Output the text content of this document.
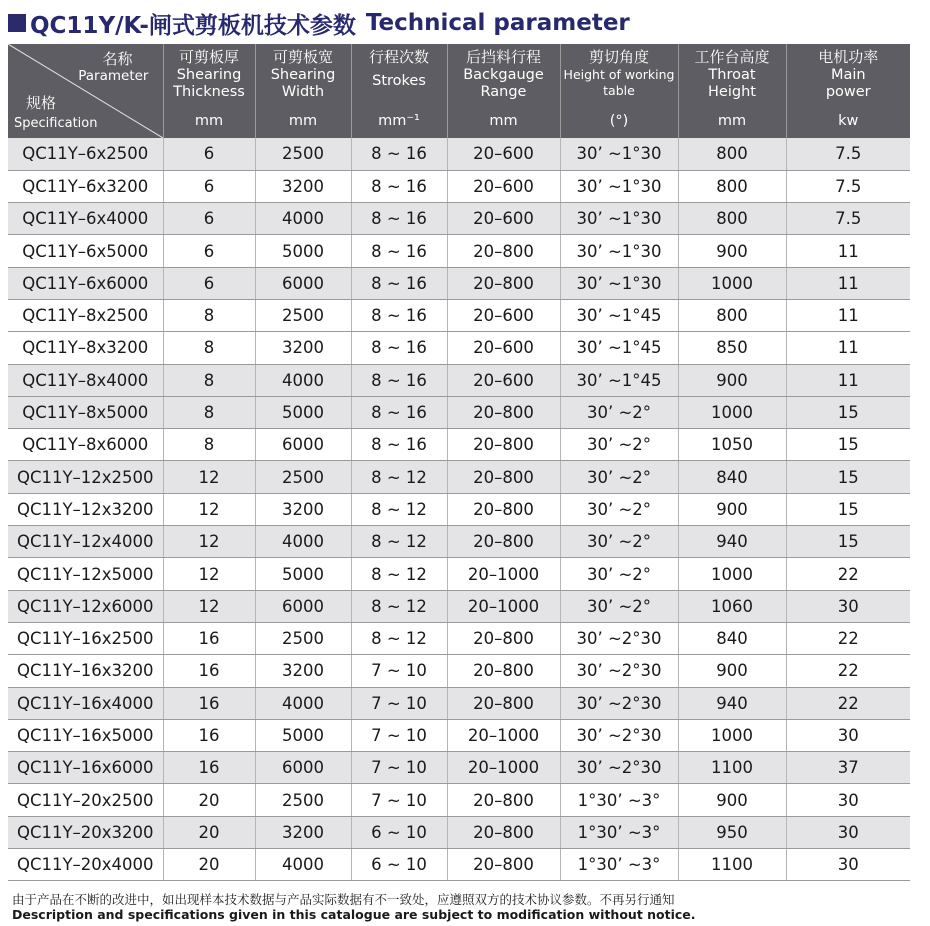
QC11Y/K-闸式剪板机技术参数 Technical parameter
名称
Parameter
规格
Specification	可剪板厚
Shearing
Thickness
mm	可剪板宽
Shearing
Width
mm	行程次数
Strokes
mm⁻¹	后挡料行程
Backgauge
Range
mm	剪切角度
Height of working
table
(°)	工作台高度
Throat
Height
mm	电机功率
Main
power
kw

QC11Y–6x2500	6	2500	8 ~ 16	20–600	30’ ~1°30	800	7.5
QC11Y–6x3200	6	3200	8 ~ 16	20–600	30’ ~1°30	800	7.5
QC11Y–6x4000	6	4000	8 ~ 16	20–600	30’ ~1°30	800	7.5
QC11Y–6x5000	6	5000	8 ~ 16	20–800	30’ ~1°30	900	11
QC11Y–6x6000	6	6000	8 ~ 16	20–800	30’ ~1°30	1000	11
QC11Y–8x2500	8	2500	8 ~ 16	20–600	30’ ~1°45	800	11
QC11Y–8x3200	8	3200	8 ~ 16	20–600	30’ ~1°45	850	11
QC11Y–8x4000	8	4000	8 ~ 16	20–600	30’ ~1°45	900	11
QC11Y–8x5000	8	5000	8 ~ 16	20–800	30’ ~2°	1000	15
QC11Y–8x6000	8	6000	8 ~ 16	20–800	30’ ~2°	1050	15
QC11Y–12x2500	12	2500	8 ~ 12	20–800	30’ ~2°	840	15
QC11Y–12x3200	12	3200	8 ~ 12	20–800	30’ ~2°	900	15
QC11Y–12x4000	12	4000	8 ~ 12	20–800	30’ ~2°	940	15
QC11Y–12x5000	12	5000	8 ~ 12	20–1000	30’ ~2°	1000	22
QC11Y–12x6000	12	6000	8 ~ 12	20–1000	30’ ~2°	1060	30
QC11Y–16x2500	16	2500	8 ~ 12	20–800	30’ ~2°30	840	22
QC11Y–16x3200	16	3200	7 ~ 10	20–800	30’ ~2°30	900	22
QC11Y–16x4000	16	4000	7 ~ 10	20–800	30’ ~2°30	940	22
QC11Y–16x5000	16	5000	7 ~ 10	20–1000	30’ ~2°30	1000	30
QC11Y–16x6000	16	6000	7 ~ 10	20–1000	30’ ~2°30	1100	37
QC11Y–20x2500	20	2500	7 ~ 10	20–800	1°30’ ~3°	900	30
QC11Y–20x3200	20	3200	6 ~ 10	20–800	1°30’ ~3°	950	30
QC11Y–20x4000	20	4000	6 ~ 10	20–800	1°30’ ~3°	1100	30
由于产品在不断的改进中，如出现样本技术数据与产品实际数据有不一致处，应遵照双方的技术协议参数。不再另行通知
Description and specifications given in this catalogue are subject to modification without notice.
